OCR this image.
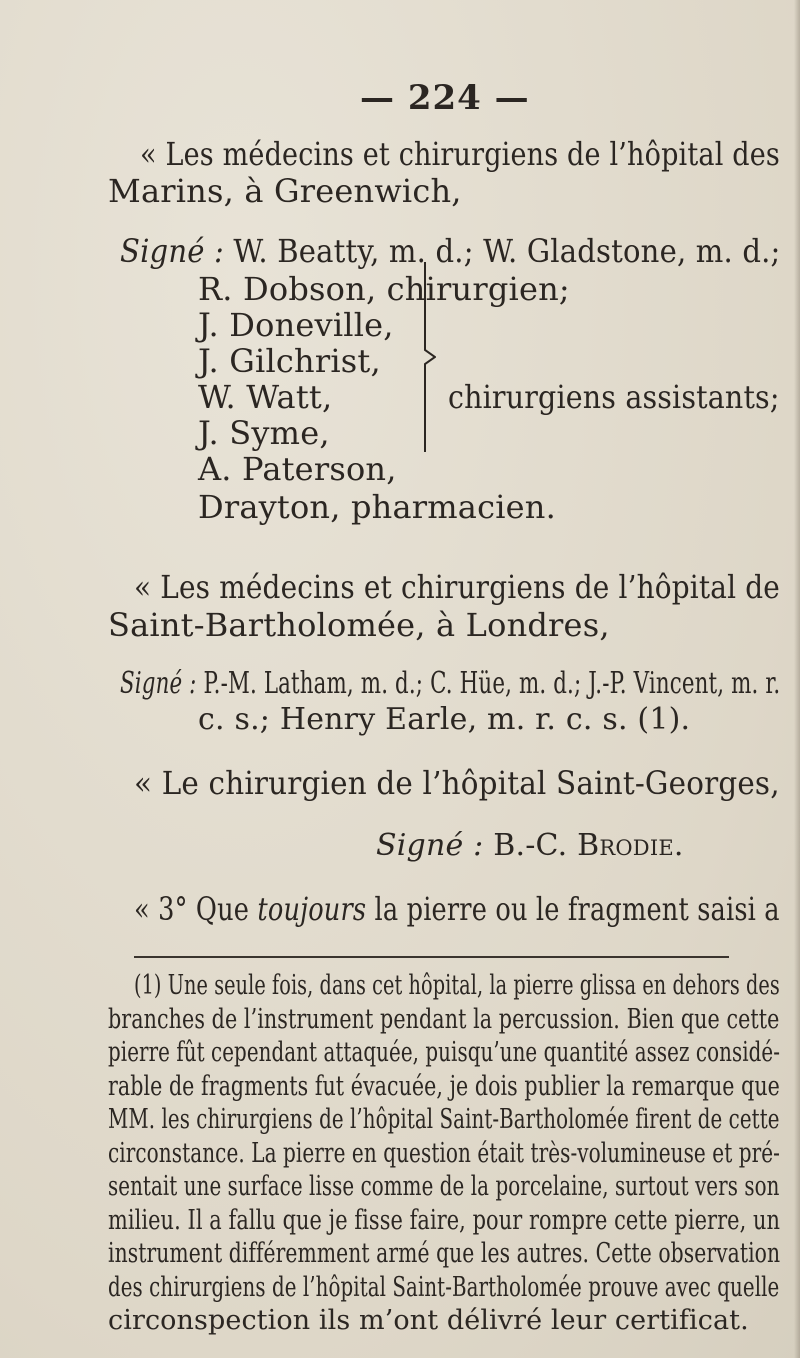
— 224 —
« Les médecins et chirurgiens de l’hôpital des
Marins, à Greenwich,
Signé : W. Beatty, m. d.; W. Gladstone, m. d.;
R. Dobson, chirurgien;
J. Doneville,
J. Gilchrist,
W. Watt,
J. Syme,
A. Paterson,
chirurgiens assistants;
Drayton, pharmacien.
« Les médecins et chirurgiens de l’hôpital de
Saint-Bartholomée, à Londres,
Signé : P.-M. Latham, m. d.; C. Hüe, m. d.; J.-P. Vincent, m. r.
c. s.; Henry Earle, m. r. c. s. (1).
« Le chirurgien de l’hôpital Saint-Georges,
Signé : B.-C. Brodie.
« 3° Que toujours la pierre ou le fragment saisi a
(1) Une seule fois, dans cet hôpital, la pierre glissa en dehors des
branches de l’instrument pendant la percussion. Bien que cette
pierre fût cependant attaquée, puisqu’une quantité assez considé-
rable de fragments fut évacuée, je dois publier la remarque que
MM. les chirurgiens de l’hôpital Saint-Bartholomée firent de cette
circonstance. La pierre en question était très-volumineuse et pré-
sentait une surface lisse comme de la porcelaine, surtout vers son
milieu. Il a fallu que je fisse faire, pour rompre cette pierre, un
instrument différemment armé que les autres. Cette observation
des chirurgiens de l’hôpital Saint-Bartholomée prouve avec quelle
circonspection ils m’ont délivré leur certificat.
